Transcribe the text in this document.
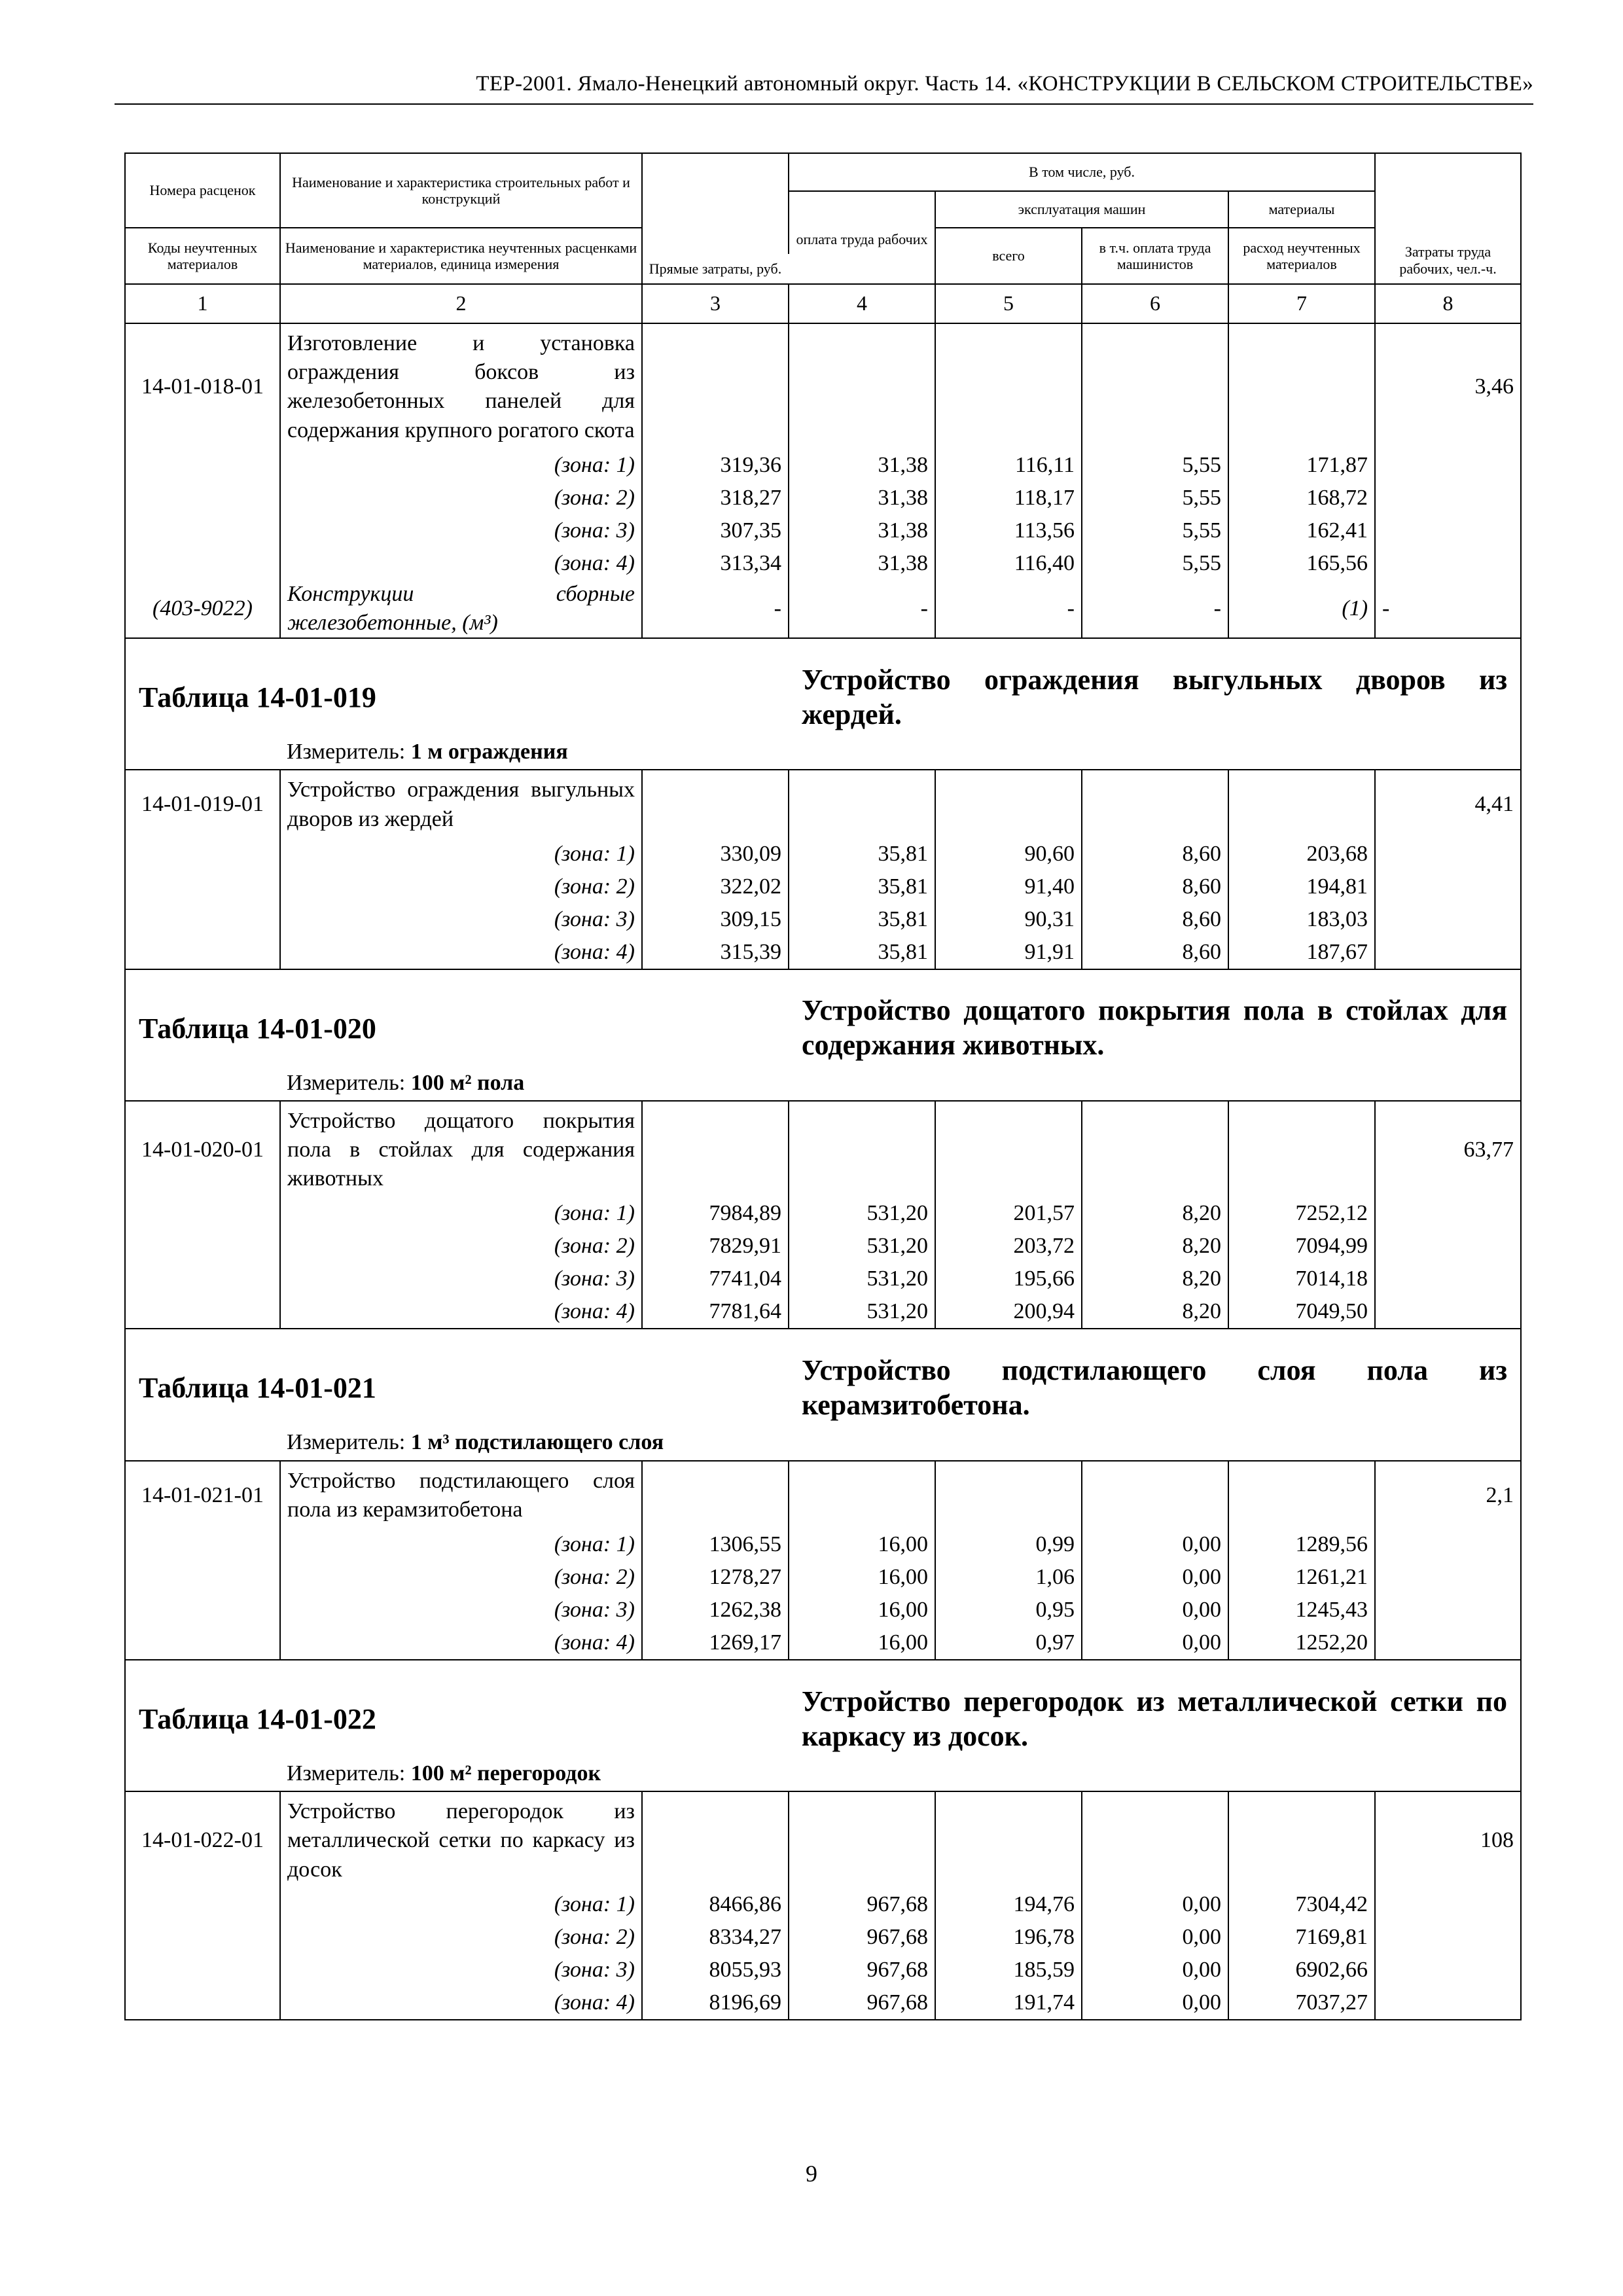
ТЕР-2001. Ямало-Ненецкий автономный округ. Часть 14. «КОНСТРУКЦИИ В СЕЛЬСКОМ СТРОИТЕЛЬСТВЕ»
Номера расценок	Наименование и характеристика строительных работ и конструкций	Прямые затраты, руб.	В том числе, руб.				Затраты труда рабочих, чел.-ч.
			оплата труда рабочих	эксплуатация машин		материалы	
Коды неучтенных материалов	Наименование и характеристика неучтенных расценками материалов, единица измерения			всего	в т.ч. оплата труда машинистов	расход неучтенных материалов	

1	2	3	4	5	6	7	8
14-01-018-01	Изготовление и установка ограждения боксов из железобетонных панелей для содержания крупного рогатого скота						3,46
	(зона: 1)	319,36	31,38	116,11	5,55	171,87	
	(зона: 2)	318,27	31,38	118,17	5,55	168,72	
	(зона: 3)	307,35	31,38	113,56	5,55	162,41	
	(зона: 4)	313,34	31,38	116,40	5,55	165,56	
(403-9022)	Конструкции сборные железобетонные, (м³)	-	-	-	-	(1)	-
Таблица 14-01-019			Устройство ограждения выгульных дворов из жердей.				
	Измеритель: 1 м ограждения						
14-01-019-01	Устройство ограждения выгульных дворов из жердей						4,41
	(зона: 1)	330,09	35,81	90,60	8,60	203,68	
	(зона: 2)	322,02	35,81	91,40	8,60	194,81	
	(зона: 3)	309,15	35,81	90,31	8,60	183,03	
	(зона: 4)	315,39	35,81	91,91	8,60	187,67	
Таблица 14-01-020			Устройство дощатого покрытия пола в стойлах для содержания животных.				
	Измеритель: 100 м² пола						
14-01-020-01	Устройство дощатого покрытия пола в стойлах для содержания животных						63,77
	(зона: 1)	7984,89	531,20	201,57	8,20	7252,12	
	(зона: 2)	7829,91	531,20	203,72	8,20	7094,99	
	(зона: 3)	7741,04	531,20	195,66	8,20	7014,18	
	(зона: 4)	7781,64	531,20	200,94	8,20	7049,50	
Таблица 14-01-021			Устройство подстилающего слоя пола из керамзитобетона.				
	Измеритель: 1 м³ подстилающего слоя						
14-01-021-01	Устройство подстилающего слоя пола из керамзитобетона						2,1
	(зона: 1)	1306,55	16,00	0,99	0,00	1289,56	
	(зона: 2)	1278,27	16,00	1,06	0,00	1261,21	
	(зона: 3)	1262,38	16,00	0,95	0,00	1245,43	
	(зона: 4)	1269,17	16,00	0,97	0,00	1252,20	
Таблица 14-01-022			Устройство перегородок из металлической сетки по каркасу из досок.				
	Измеритель: 100 м² перегородок						
14-01-022-01	Устройство перегородок из металлической сетки по каркасу из досок						108
	(зона: 1)	8466,86	967,68	194,76	0,00	7304,42	
	(зона: 2)	8334,27	967,68	196,78	0,00	7169,81	
	(зона: 3)	8055,93	967,68	185,59	0,00	6902,66	
	(зона: 4)	8196,69	967,68	191,74	0,00	7037,27	
9
